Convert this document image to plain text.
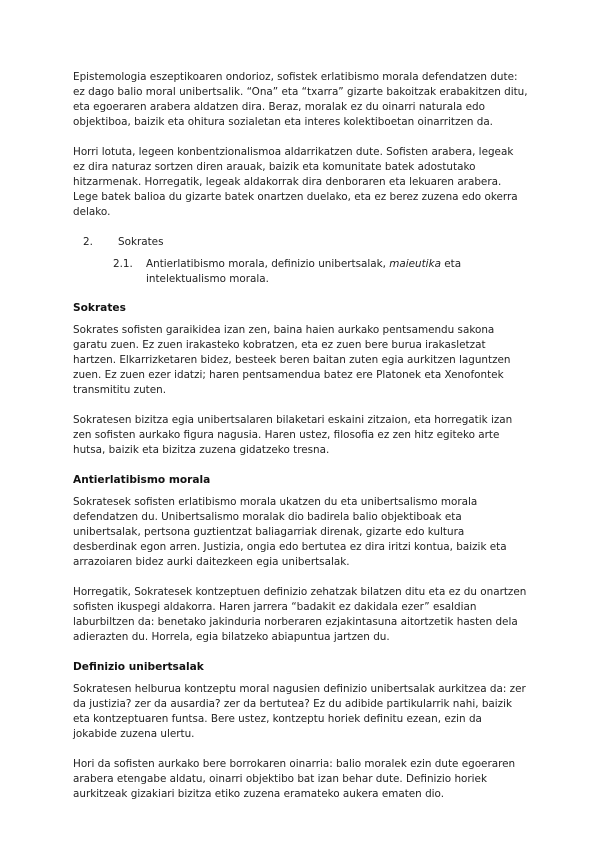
Epistemologia eszeptikoaren ondorioz, sofistek erlatibismo morala defendatzen dute: ez dago balio moral unibertsalik. “Ona” eta “txarra” gizarte bakoitzak erabakitzen ditu, eta egoeraren arabera aldatzen dira. Beraz, moralak ez du oinarri naturala edo objektiboa, baizik eta ohitura sozialetan eta interes kolektiboetan oinarritzen da.

Horri lotuta, legeen konbentzionalismoa aldarrikatzen dute. Sofisten arabera, legeak ez dira naturaz sortzen diren arauak, baizik eta komunitate batek adostutako hitzarmenak. Horregatik, legeak aldakorrak dira denboraren eta lekuaren arabera. Lege batek balioa du gizarte batek onartzen duelako, eta ez berez zuzena edo okerra delako.

2.	Sokrates
2.1.	Antierlatibismo morala, definizio unibertsalak, maieutika eta intelektualismo morala.
Sokrates

Sokrates sofisten garaikidea izan zen, baina haien aurkako pentsamendu sakona garatu zuen. Ez zuen irakasteko kobratzen, eta ez zuen bere burua irakasletzat hartzen. Elkarrizketaren bidez, besteek beren baitan zuten egia aurkitzen laguntzen zuen. Ez zuen ezer idatzi; haren pentsamendua batez ere Platonek eta Xenofontek transmititu zuten.

Sokratesen bizitza egia unibertsalaren bilaketari eskaini zitzaion, eta horregatik izan zen sofisten aurkako figura nagusia. Haren ustez, filosofia ez zen hitz egiteko arte hutsa, baizik eta bizitza zuzena gidatzeko tresna.

Antierlatibismo morala

Sokratesek sofisten erlatibismo morala ukatzen du eta unibertsalismo morala defendatzen du. Unibertsalismo moralak dio badirela balio objektiboak eta unibertsalak, pertsona guztientzat baliagarriak direnak, gizarte edo kultura desberdinak egon arren. Justizia, ongia edo bertutea ez dira iritzi kontua, baizik eta arrazoiaren bidez aurki daitezkeen egia unibertsalak.

Horregatik, Sokratesek kontzeptuen definizio zehatzak bilatzen ditu eta ez du onartzen sofisten ikuspegi aldakorra. Haren jarrera “badakit ez dakidala ezer” esaldian laburbiltzen da: benetako jakinduria norberaren ezjakintasuna aitortzetik hasten dela adierazten du. Horrela, egia bilatzeko abiapuntua jartzen du.

Definizio unibertsalak

Sokratesen helburua kontzeptu moral nagusien definizio unibertsalak aurkitzea da: zer da justizia? zer da ausardia? zer da bertutea? Ez du adibide partikularrik nahi, baizik eta kontzeptuaren funtsa. Bere ustez, kontzeptu horiek definitu ezean, ezin da jokabide zuzena ulertu.

Hori da sofisten aurkako bere borrokaren oinarria: balio moralek ezin dute egoeraren arabera etengabe aldatu, oinarri objektibo bat izan behar dute. Definizio horiek aurkitzeak gizakiari bizitza etiko zuzena eramateko aukera ematen dio.
